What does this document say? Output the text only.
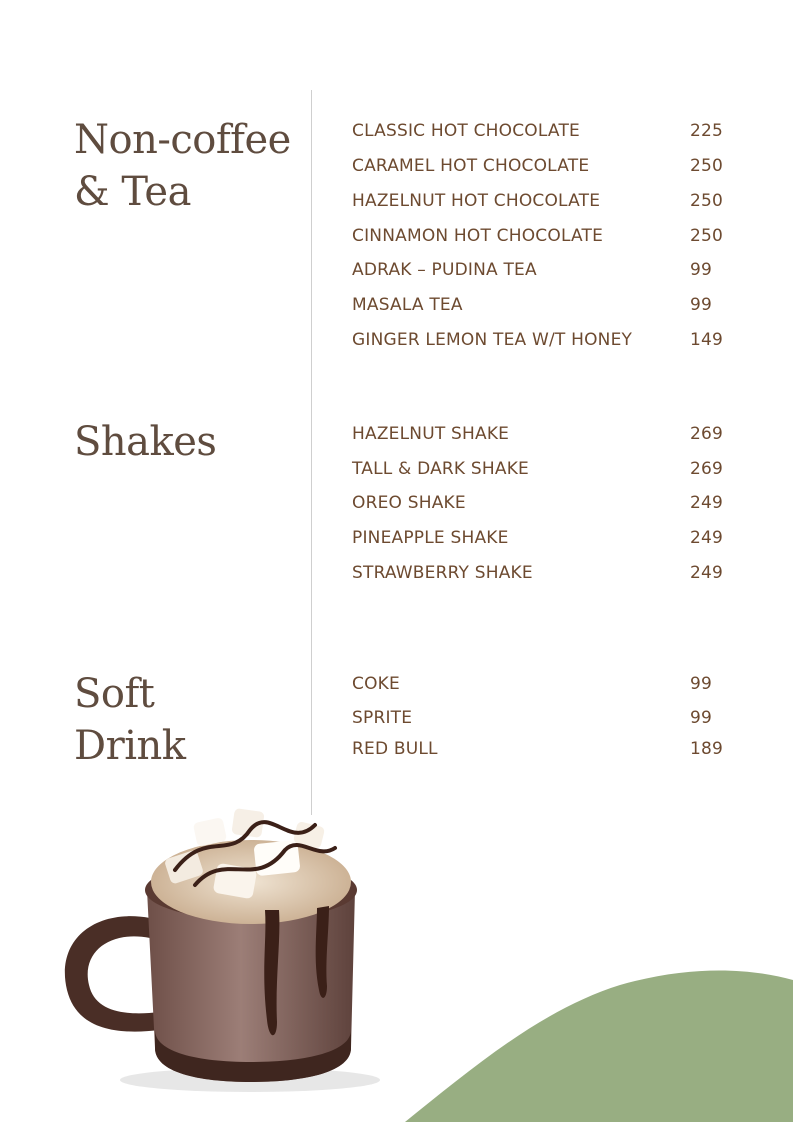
Non-coffee
& Tea
CLASSIC HOT CHOCOLATE	225
CARAMEL HOT CHOCOLATE	250
HAZELNUT HOT CHOCOLATE	250
CINNAMON HOT CHOCOLATE	250
ADRAK – PUDINA TEA	99
MASALA TEA	99
GINGER LEMON TEA W/T HONEY	149
Shakes	HAZELNUT SHAKE	269
TALL & DARK SHAKE	269
OREO SHAKE	249
PINEAPPLE SHAKE	249
STRAWBERRY SHAKE	249
Soft
Drink
COKE	99
SPRITE	99
RED BULL	189
